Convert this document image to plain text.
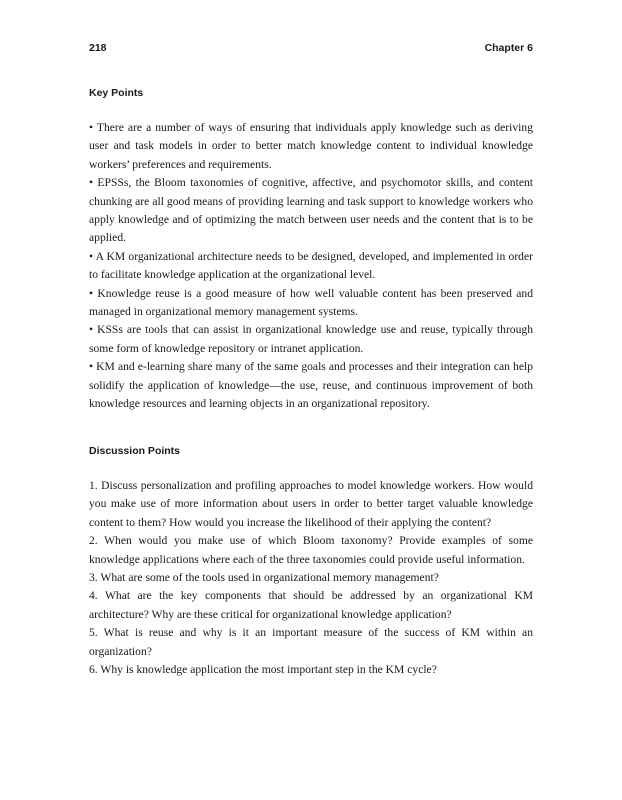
218	Chapter 6
Key Points

• There are a number of ways of ensuring that individuals apply knowledge such as deriving user and task models in order to better match knowledge content to individual knowledge workers’ preferences and requirements.

• EPSSs, the Bloom taxonomies of cognitive, affective, and psychomotor skills, and content chunking are all good means of providing learning and task support to knowledge workers who apply knowledge and of optimizing the match between user needs and the content that is to be applied.

• A KM organizational architecture needs to be designed, developed, and implemented in order to facilitate knowledge application at the organizational level.

• Knowledge reuse is a good measure of how well valuable content has been preserved and managed in organizational memory management systems.

• KSSs are tools that can assist in organizational knowledge use and reuse, typically through some form of knowledge repository or intranet application.

• KM and e-learning share many of the same goals and processes and their integration can help solidify the application of knowledge—the use, reuse, and continuous improvement of both knowledge resources and learning objects in an organizational repository.

Discussion Points

1. Discuss personalization and profiling approaches to model knowledge workers. How would you make use of more information about users in order to better target valuable knowledge content to them? How would you increase the likelihood of their applying the content?

2. When would you make use of which Bloom taxonomy? Provide examples of some knowledge applications where each of the three taxonomies could provide useful information.

3. What are some of the tools used in organizational memory management?

4. What are the key components that should be addressed by an organizational KM architecture? Why are these critical for organizational knowledge application?

5. What is reuse and why is it an important measure of the success of KM within an organization?

6. Why is knowledge application the most important step in the KM cycle?
